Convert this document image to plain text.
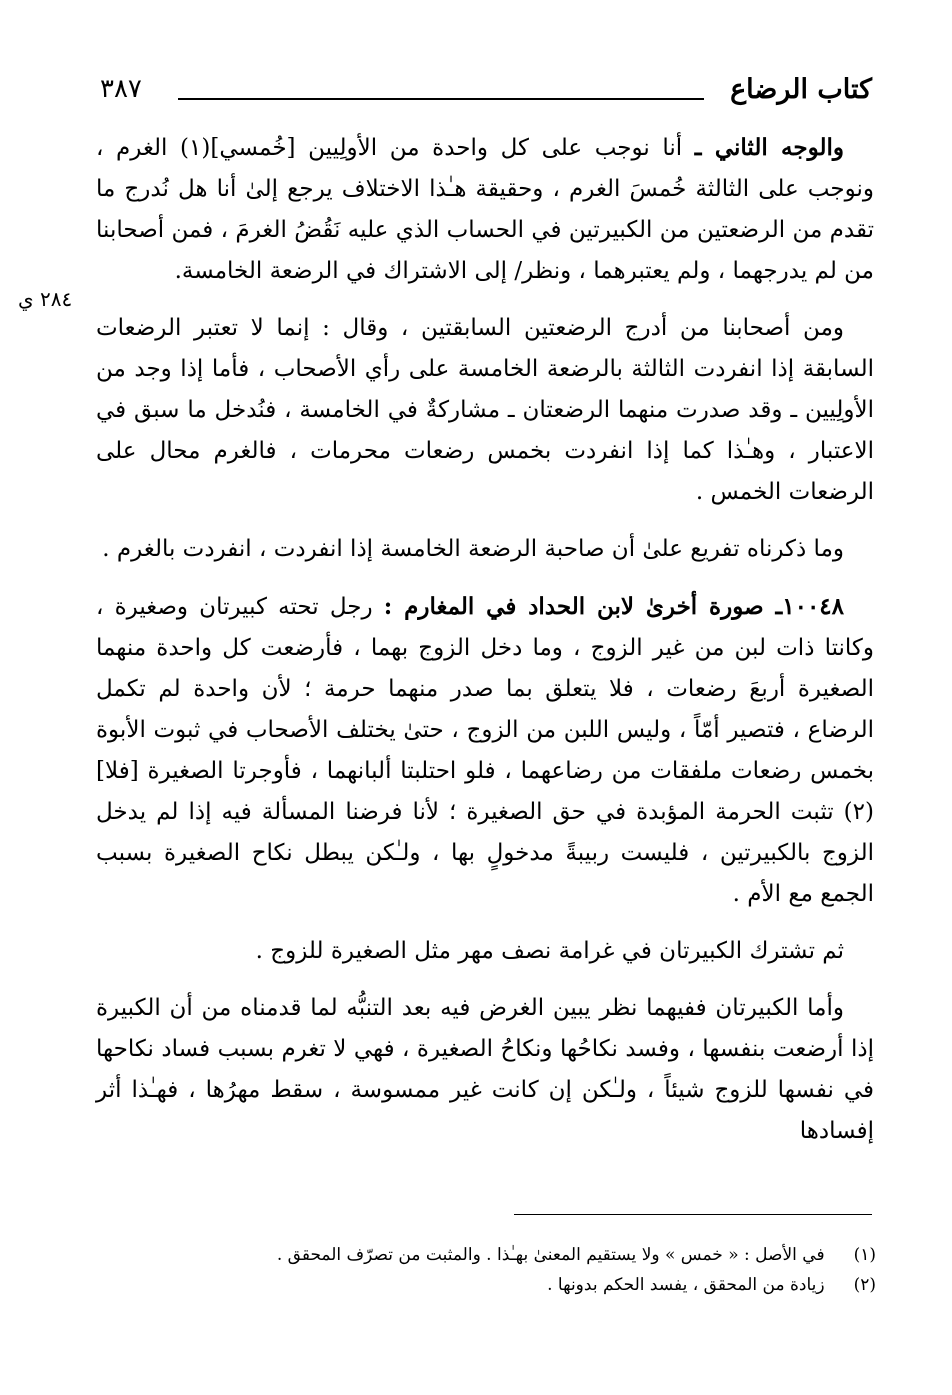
كتاب الرضاع
٣٨٧
٢٨٤ ي

والوجه الثاني ـ أنا نوجب على كل واحدة من الأولِيين [خُمسي](١) الغرم ، ونوجب على الثالثة خُمسَ الغرم ، وحقيقة هـٰذا الاختلاف يرجع إلىٰ أنا هل نُدرج ما تقدم من الرضعتين من الكبيرتين في الحساب الذي عليه نَقُضُ الغرمَ ، فمن أصحابنا من لم يدرجهما ، ولم يعتبرهما ، ونظر/ إلى الاشتراك في الرضعة الخامسة.

ومن أصحابنا من أدرج الرضعتين السابقتين ، وقال : إنما لا تعتبر الرضعات السابقة إذا انفردت الثالثة بالرضعة الخامسة على رأي الأصحاب ، فأما إذا وجد من الأولِيين ـ وقد صدرت منهما الرضعتان ـ مشاركةٌ في الخامسة ، فنُدخل ما سبق في الاعتبار ، وهـٰذا كما إذا انفردت بخمس رضعات محرمات ، فالغرم محال على الرضعات الخمس .

وما ذكرناه تفريع علىٰ أن صاحبة الرضعة الخامسة إذا انفردت ، انفردت بالغرم .

١٠٠٤٨ـ صورة أخرىٰ لابن الحداد في المغارم : رجل تحته كبيرتان وصغيرة ، وكانتا ذات لبن من غير الزوج ، وما دخل الزوج بهما ، فأرضعت كل واحدة منهما الصغيرة أربعَ رضعات ، فلا يتعلق بما صدر منهما حرمة ؛ لأن واحدة لم تكمل الرضاع ، فتصير أمّاً ، وليس اللبن من الزوج ، حتىٰ يختلف الأصحاب في ثبوت الأبوة بخمس رضعات ملفقات من رضاعهما ، فلو احتلبتا ألبانهما ، فأوجرتا الصغيرة [فلا](٢) تثبت الحرمة المؤبدة في حق الصغيرة ؛ لأنا فرضنا المسألة فيه إذا لم يدخل الزوج بالكبيرتين ، فليست ربيبةً مدخولٍ بها ، ولـٰكن يبطل نكاح الصغيرة بسبب الجمع مع الأم .

ثم تشترك الكبيرتان في غرامة نصف مهر مثل الصغيرة للزوج .

وأما الكبيرتان ففيهما نظر يبين الغرض فيه بعد التنبُّه لما قدمناه من أن الكبيرة إذا أرضعت بنفسها ، وفسد نكاحُها ونكاحُ الصغيرة ، فهي لا تغرم بسبب فساد نكاحها في نفسها للزوج شيئاً ، ولـٰكن إن كانت غير ممسوسة ، سقط مهرُها ، فهـٰذا أثر إفسادها

(١) في الأصل : « خمس » ولا يستقيم المعنىٰ بهـٰذا . والمثبت من تصرّف المحقق .
(٢) زيادة من المحقق ، يفسد الحكم بدونها .
